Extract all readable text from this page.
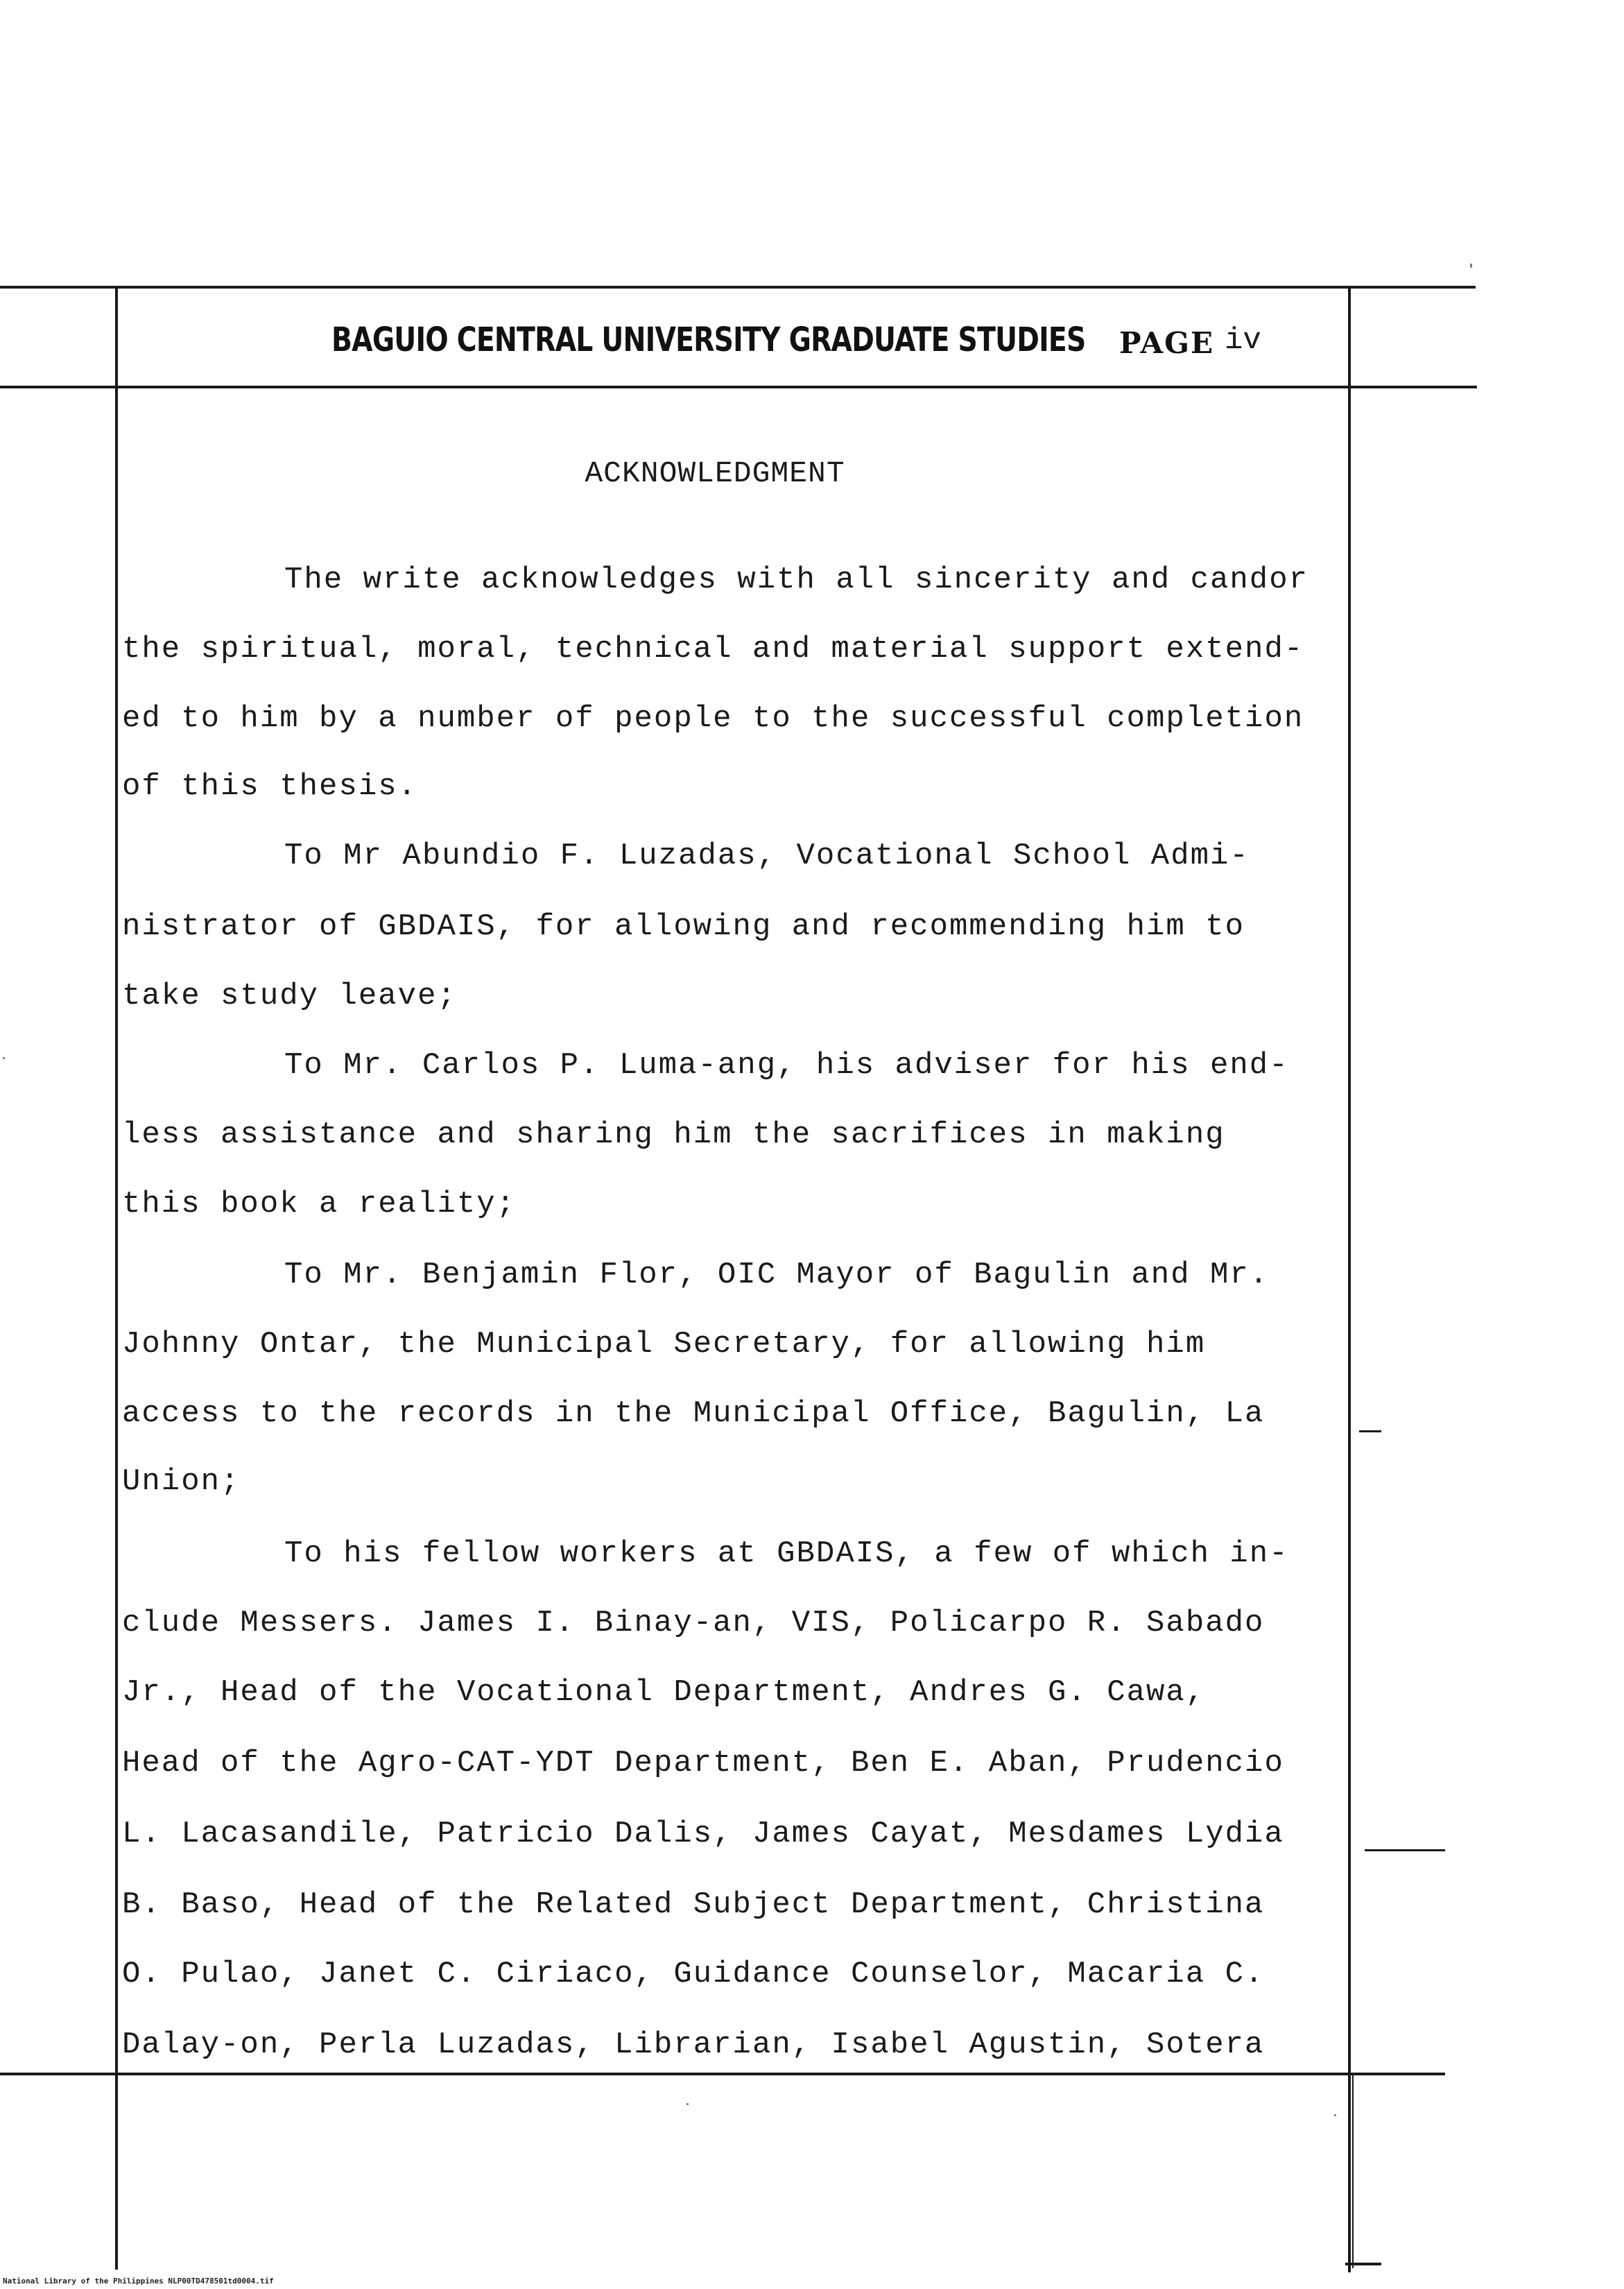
BAGUIO CENTRAL UNIVERSITY GRADUATE STUDIES PAGE iv
ACKNOWLEDGMENT
The write acknowledges with all sincerity and candor
the spiritual, moral, technical and material support extend-
ed to him by a number of people to the successful completion
of this thesis.
To Mr Abundio F. Luzadas, Vocational School Admi-
nistrator of GBDAIS, for allowing and recommending him to
take study leave;
To Mr. Carlos P. Luma-ang, his adviser for his end-
less assistance and sharing him the sacrifices in making
this book a reality;
To Mr. Benjamin Flor, OIC Mayor of Bagulin and Mr.
Johnny Ontar, the Municipal Secretary, for allowing him
access to the records in the Municipal Office, Bagulin, La
Union;
To his fellow workers at GBDAIS, a few of which in-
clude Messers. James I. Binay-an, VIS, Policarpo R. Sabado
Jr., Head of the Vocational Department, Andres G. Cawa,
Head of the Agro-CAT-YDT Department, Ben E. Aban, Prudencio
L. Lacasandile, Patricio Dalis, James Cayat, Mesdames Lydia
B. Baso, Head of the Related Subject Department, Christina
O. Pulao, Janet C. Ciriaco, Guidance Counselor, Macaria C.
Dalay-on, Perla Luzadas, Librarian, Isabel Agustin, Sotera
National Library of the Philippines NLP00TD478501td0004.tif
